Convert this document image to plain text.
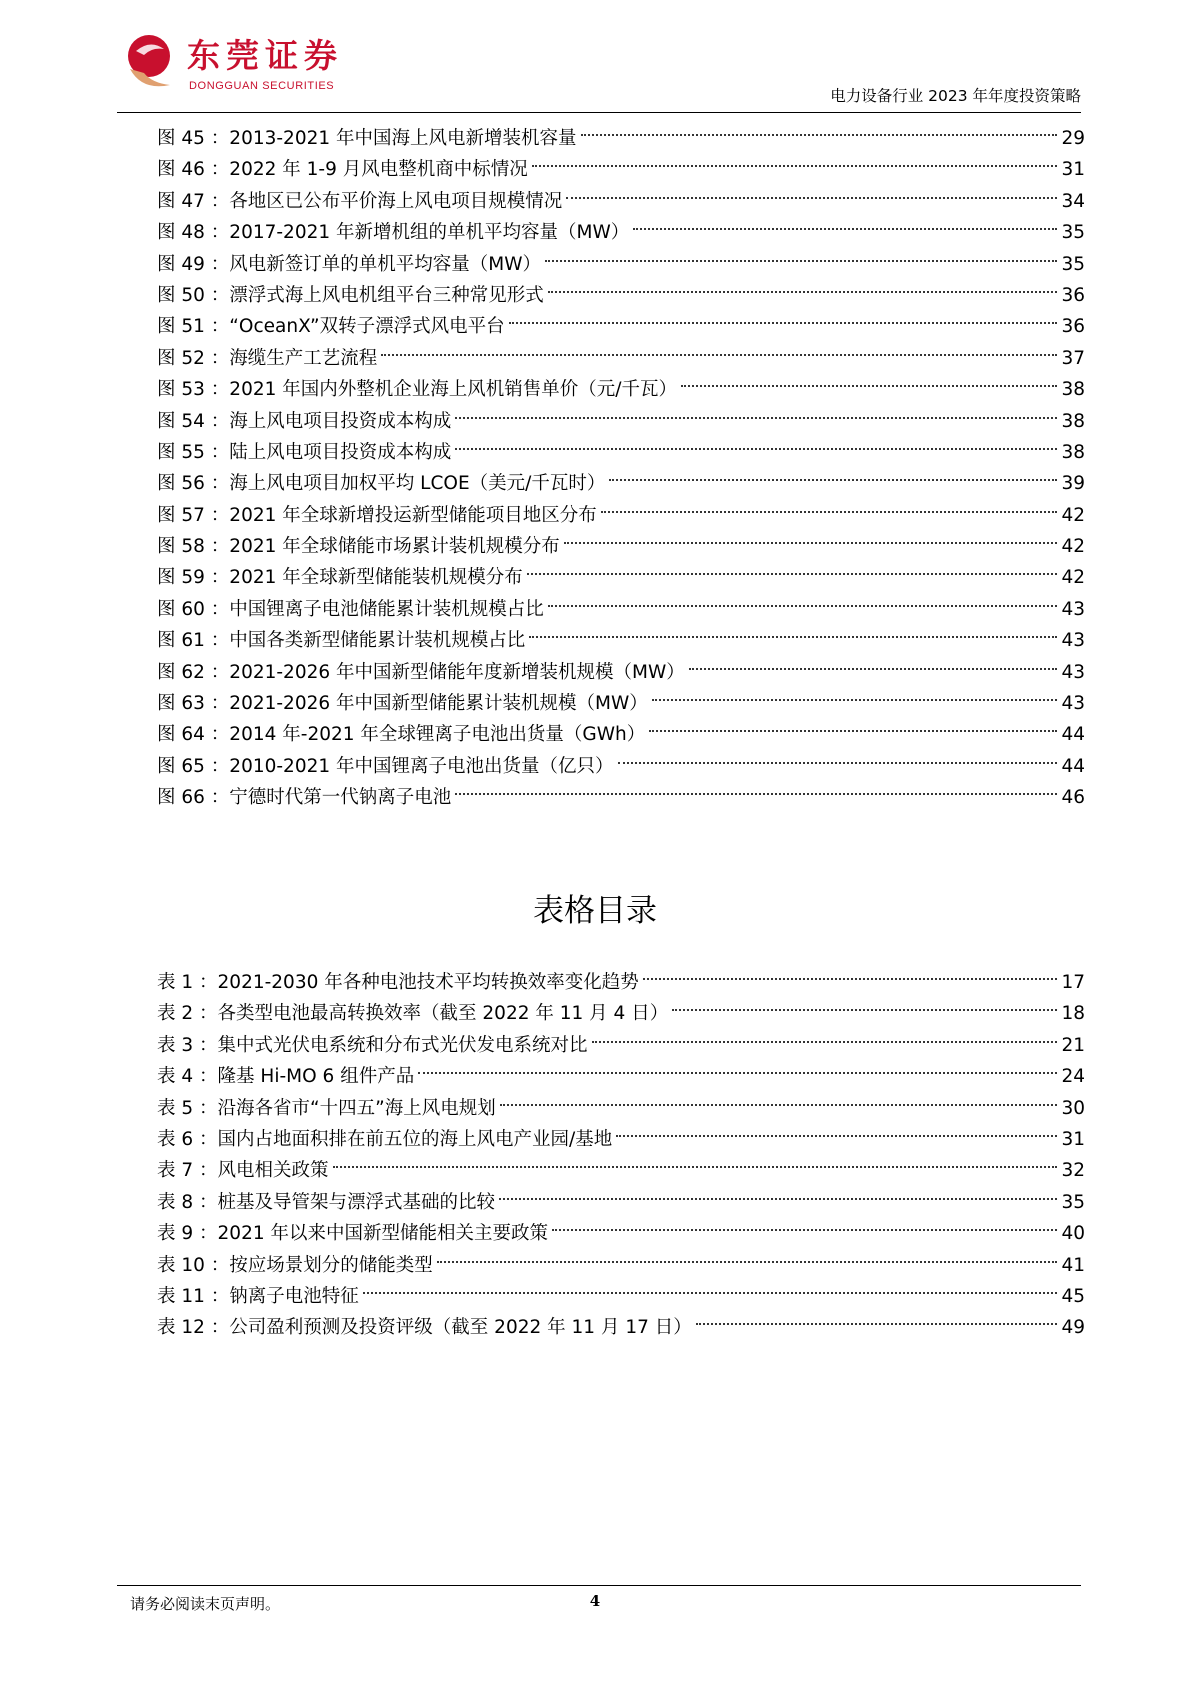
东莞证券
DONGGUAN SECURITIES
电力设备行业 2023 年年度投资策略
图 45 ：2013-2021 年中国海上风电新增装机容量	29
图 46 ：2022 年 1-9 月风电整机商中标情况	31
图 47 ：各地区已公布平价海上风电项目规模情况	34
图 48 ：2017-2021 年新增机组的单机平均容量（MW）	35
图 49 ：风电新签订单的单机平均容量（MW）	35
图 50 ：漂浮式海上风电机组平台三种常见形式	36
图 51 ：“OceanX”双转子漂浮式风电平台	36
图 52 ：海缆生产工艺流程	37
图 53 ：2021 年国内外整机企业海上风机销售单价（元/千瓦）	38
图 54 ：海上风电项目投资成本构成	38
图 55 ：陆上风电项目投资成本构成	38
图 56 ：海上风电项目加权平均 LCOE（美元/千瓦时）	39
图 57 ：2021 年全球新增投运新型储能项目地区分布	42
图 58 ：2021 年全球储能市场累计装机规模分布	42
图 59 ：2021 年全球新型储能装机规模分布	42
图 60 ：中国锂离子电池储能累计装机规模占比	43
图 61 ：中国各类新型储能累计装机规模占比	43
图 62 ：2021-2026 年中国新型储能年度新增装机规模（MW）	43
图 63 ：2021-2026 年中国新型储能累计装机规模（MW）	43
图 64 ：2014 年-2021 年全球锂离子电池出货量（GWh）	44
图 65 ：2010-2021 年中国锂离子电池出货量（亿只）	44
图 66 ：宁德时代第一代钠离子电池	46
表格目录
表 1 ：2021-2030 年各种电池技术平均转换效率变化趋势	17
表 2 ：各类型电池最高转换效率（截至 2022 年 11 月 4 日）	18
表 3 ：集中式光伏电系统和分布式光伏发电系统对比	21
表 4 ：隆基 Hi-MO 6 组件产品	24
表 5 ：沿海各省市“十四五”海上风电规划	30
表 6 ：国内占地面积排在前五位的海上风电产业园/基地	31
表 7 ：风电相关政策	32
表 8 ：桩基及导管架与漂浮式基础的比较	35
表 9 ：2021 年以来中国新型储能相关主要政策	40
表 10 ：按应场景划分的储能类型	41
表 11 ：钠离子电池特征	45
表 12 ：公司盈利预测及投资评级（截至 2022 年 11 月 17 日）	49
请务必阅读末页声明。	4
